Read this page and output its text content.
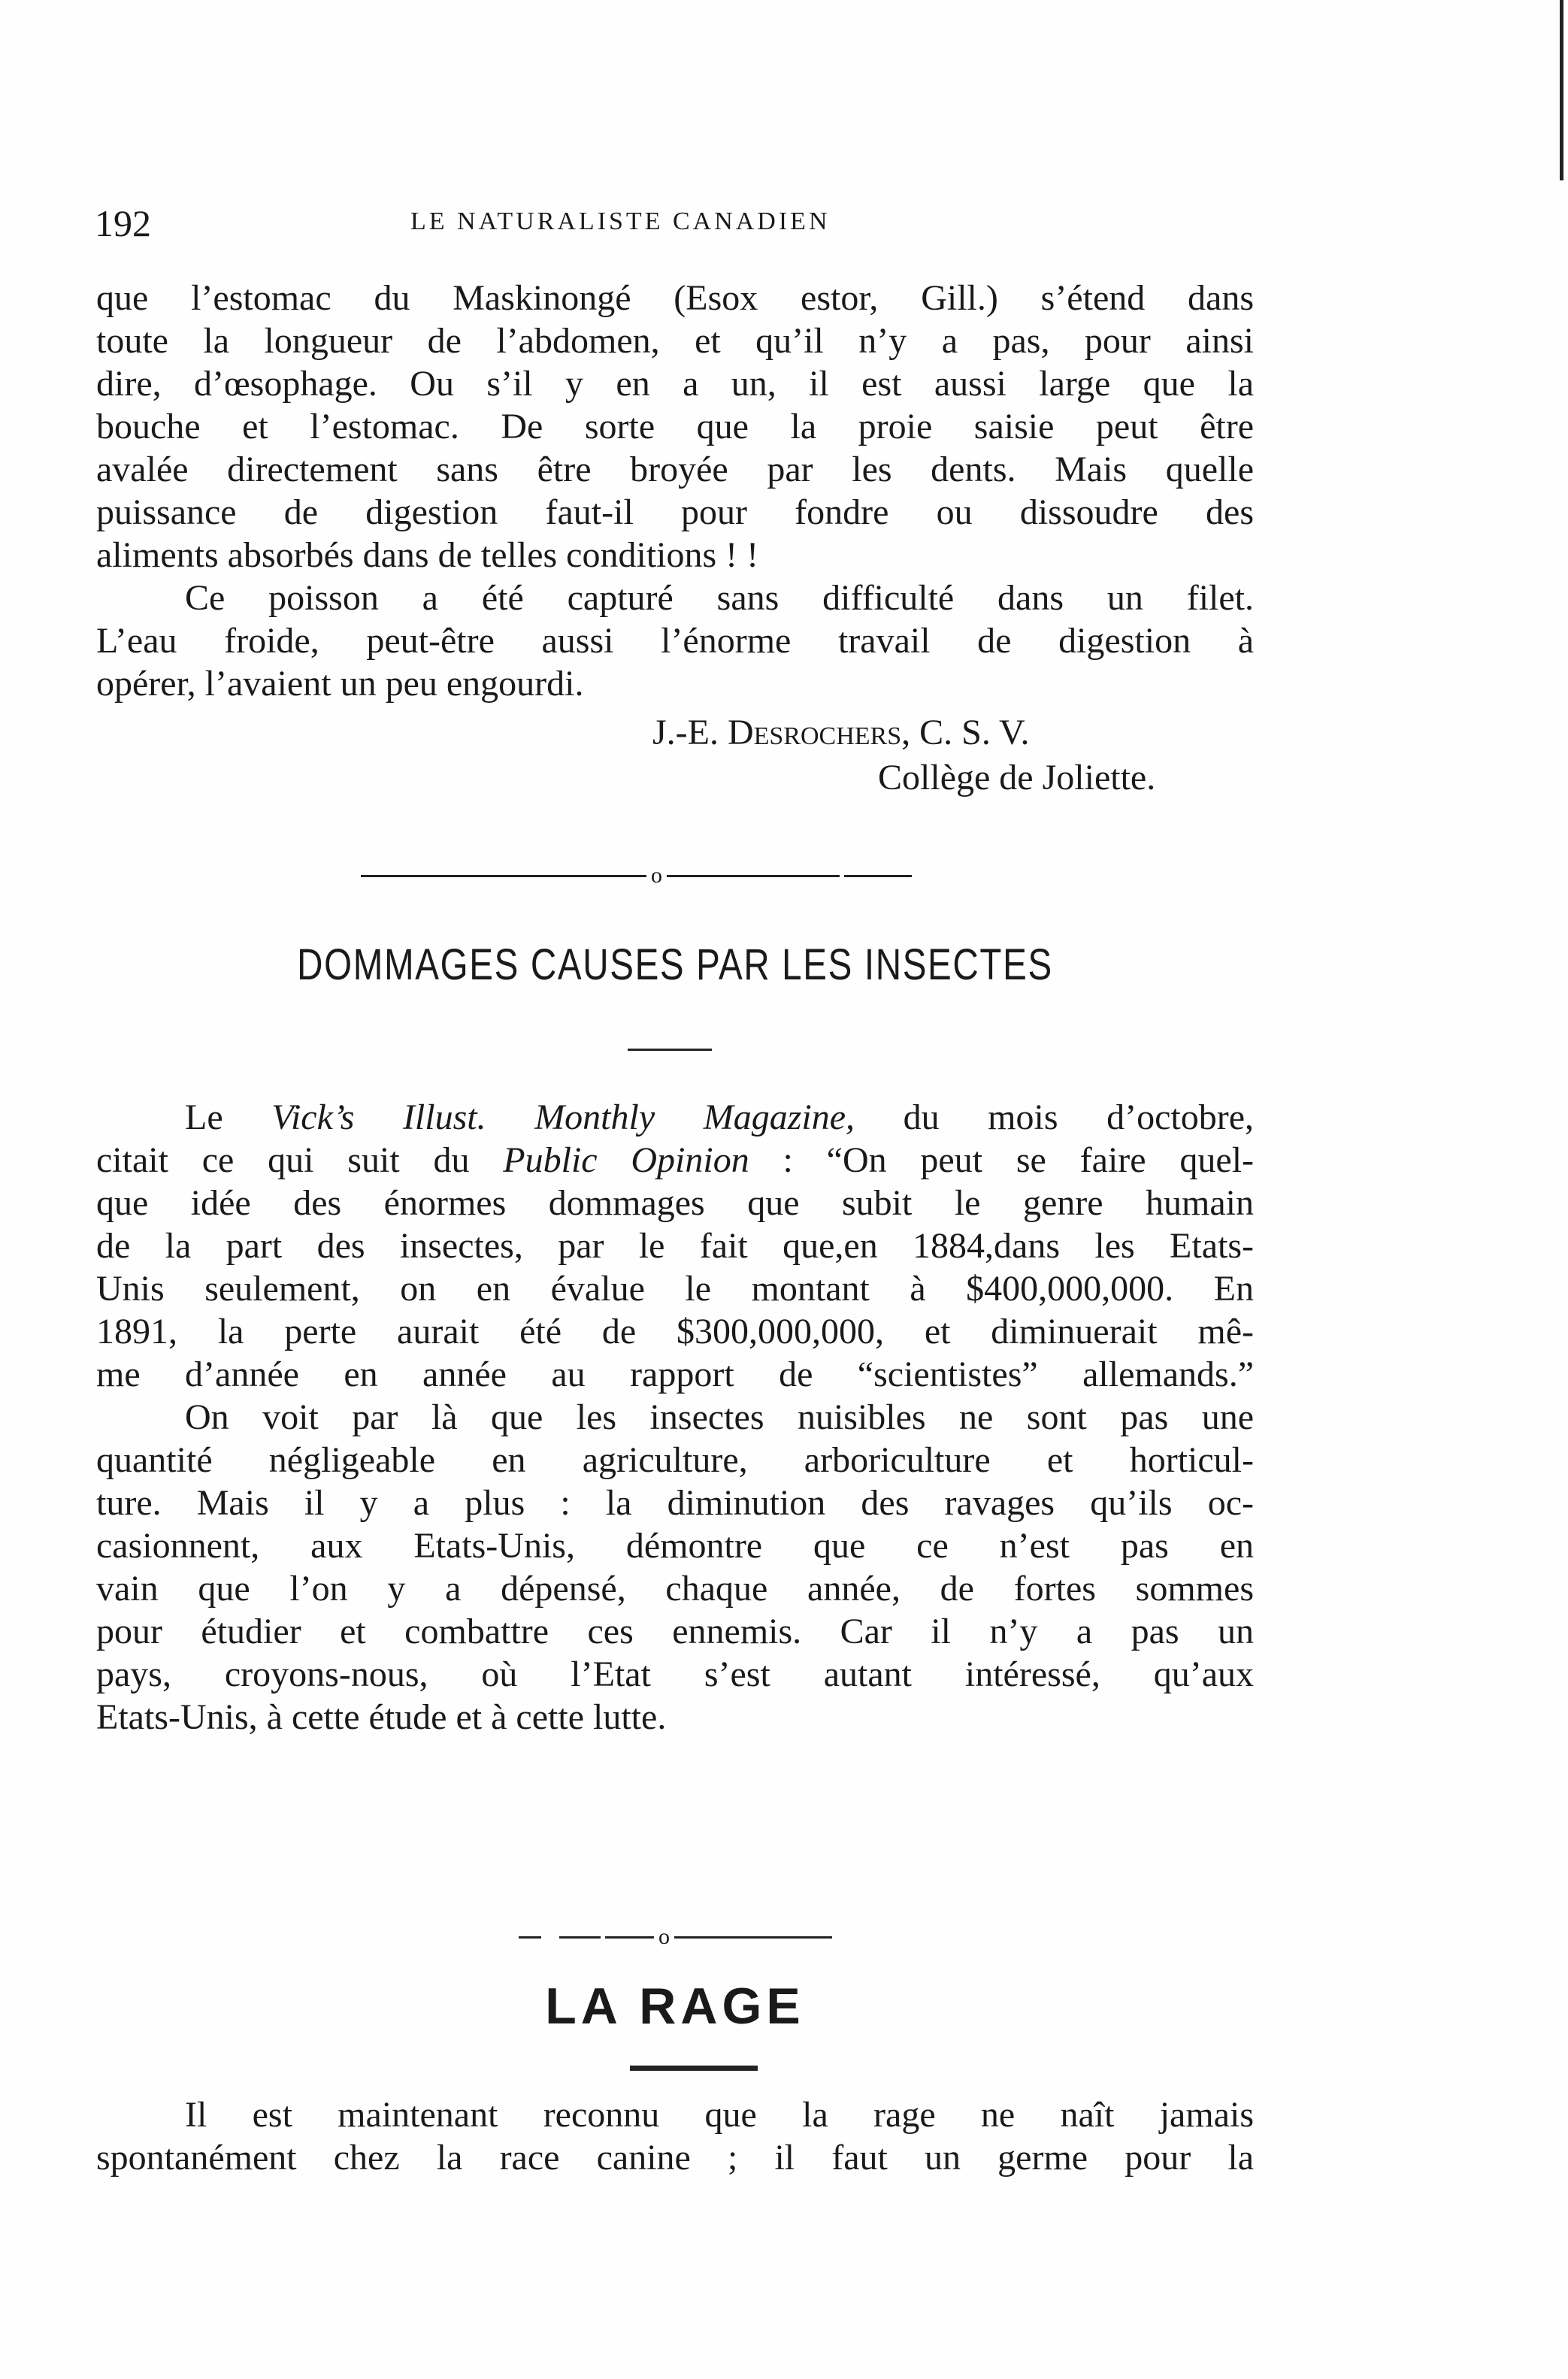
192	LE NATURALISTE CANADIEN
que l’estomac du Maskinongé (Esox estor, Gill.) s’étend dans
toute la longueur de l’abdomen, et qu’il n’y a pas, pour ainsi
dire, d’œsophage. Ou s’il y en a un, il est aussi large que la
bouche et l’estomac. De sorte que la proie saisie peut être
avalée directement sans être broyée par les dents. Mais quelle
puissance de digestion faut-il pour fondre ou dissoudre des
aliments absorbés dans de telles conditions ! !
Ce poisson a été capturé sans difficulté dans un filet.
L’eau froide, peut-être aussi l’énorme travail de digestion à
opérer, l’avaient un peu engourdi.
J.-E. Desrochers, C. S. V.
Collège de Joliette.
o
DOMMAGES CAUSES PAR LES INSECTES
Le Vick’s Illust. Monthly Magazine, du mois d’octobre,
citait ce qui suit du Public Opinion : “On peut se faire quel-
que idée des énormes dommages que subit le genre humain
de la part des insectes, par le fait que,en 1884,dans les Etats-
Unis seulement, on en évalue le montant à $400,000,000. En
1891, la perte aurait été de $300,000,000, et diminuerait mê-
me d’année en année au rapport de “scientistes” allemands.”
On voit par là que les insectes nuisibles ne sont pas une
quantité négligeable en agriculture, arboriculture et horticul-
ture. Mais il y a plus : la diminution des ravages qu’ils oc-
casionnent, aux Etats-Unis, démontre que ce n’est pas en
vain que l’on y a dépensé, chaque année, de fortes sommes
pour étudier et combattre ces ennemis. Car il n’y a pas un
pays, croyons-nous, où l’Etat s’est autant intéressé, qu’aux
Etats-Unis, à cette étude et à cette lutte.
o
LA RAGE
Il est maintenant reconnu que la rage ne naît jamais
spontanément chez la race canine ; il faut un germe pour la
